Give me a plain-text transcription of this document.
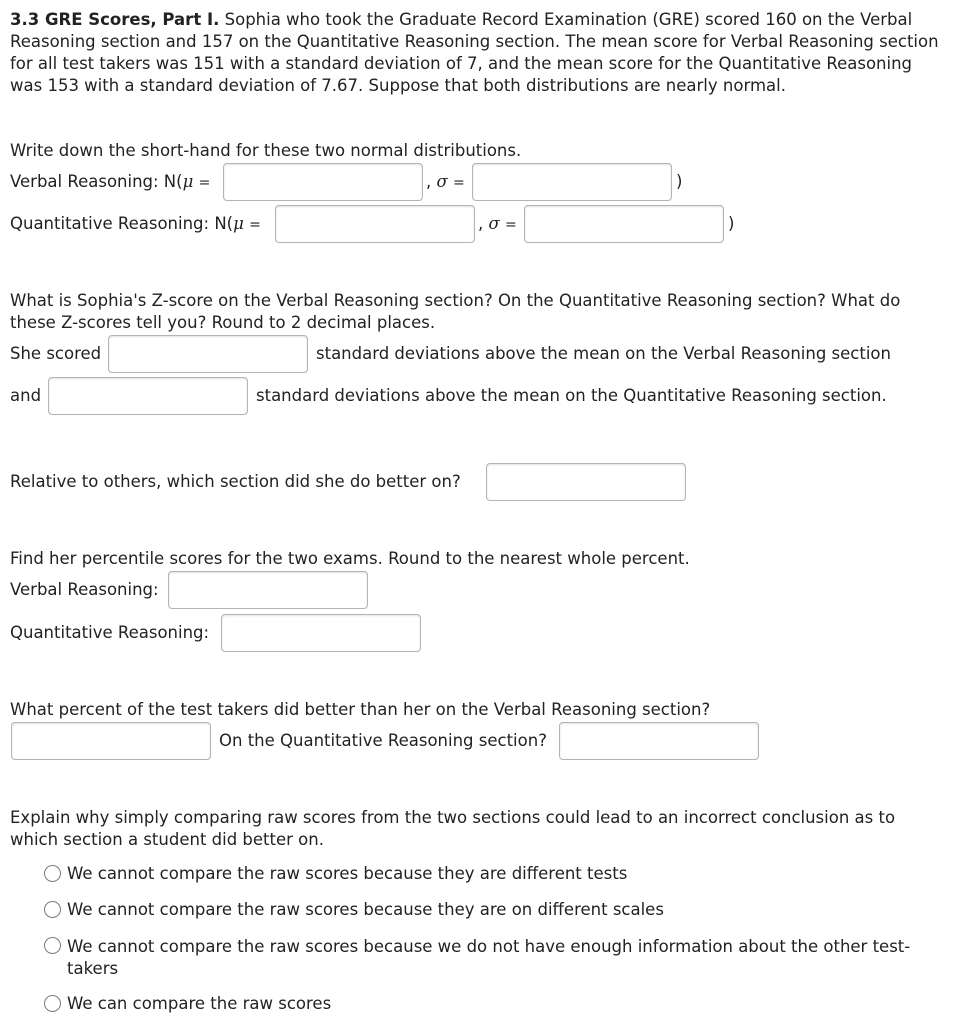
3.3 GRE Scores, Part I. Sophia who took the Graduate Record Examination (GRE) scored 160 on the Verbal Reasoning section and 157 on the Quantitative Reasoning section. The mean score for Verbal Reasoning section for all test takers was 151 with a standard deviation of 7, and the mean score for the Quantitative Reasoning was 153 with a standard deviation of 7.67. Suppose that both distributions are nearly normal.
Write down the short-hand for these two normal distributions.
Verbal Reasoning: N(μ =	, σ =	)
Quantitative Reasoning: N(μ =	, σ =	)
What is Sophia's Z-score on the Verbal Reasoning section? On the Quantitative Reasoning section? What do these Z-scores tell you? Round to 2 decimal places.
She scored	standard deviations above the mean on the Verbal Reasoning section
and	standard deviations above the mean on the Quantitative Reasoning section.
Relative to others, which section did she do better on?
Find her percentile scores for the two exams. Round to the nearest whole percent.
Verbal Reasoning:
Quantitative Reasoning:
What percent of the test takers did better than her on the Verbal Reasoning section?
On the Quantitative Reasoning section?
Explain why simply comparing raw scores from the two sections could lead to an incorrect conclusion as to which section a student did better on.
We cannot compare the raw scores because they are different tests
We cannot compare the raw scores because they are on different scales
We cannot compare the raw scores because we do not have enough information about the other test-takers
We can compare the raw scores
